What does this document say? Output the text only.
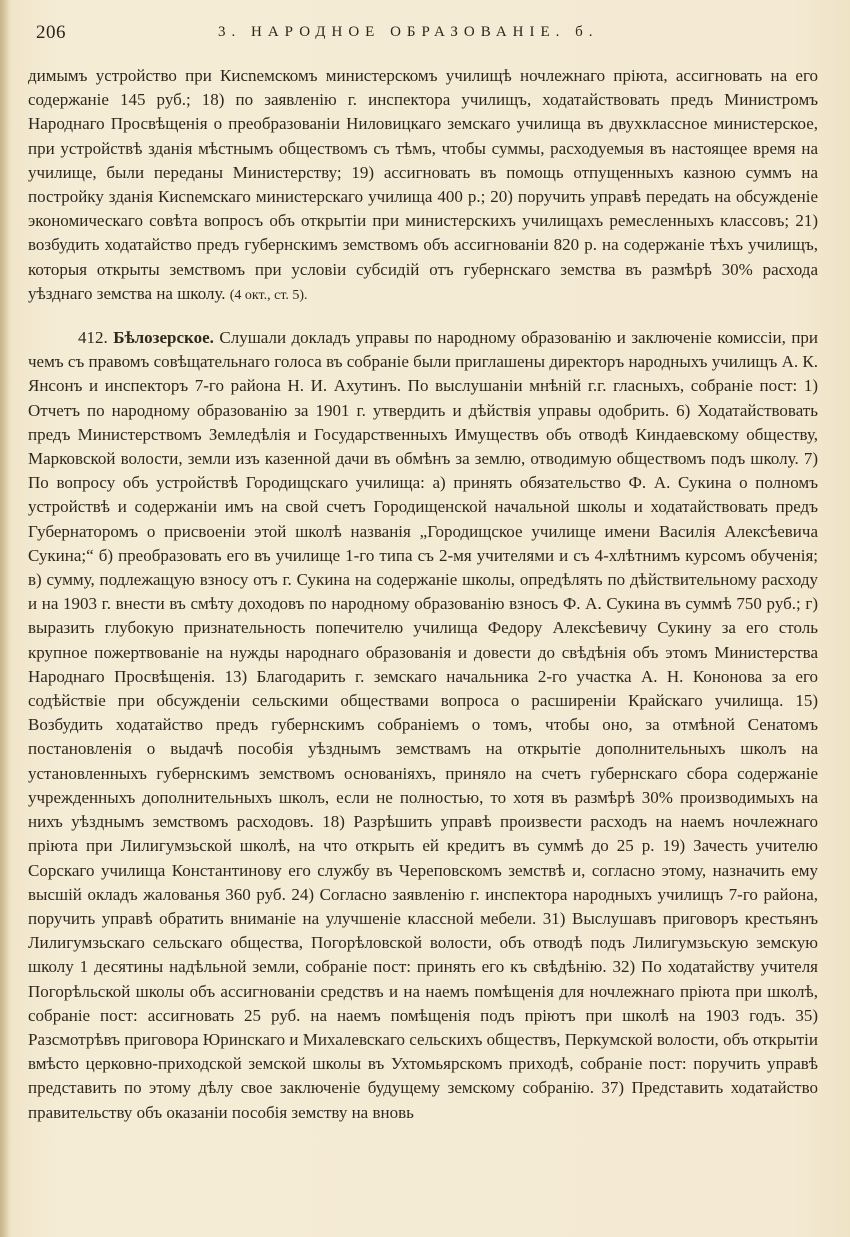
206	3. НАРОДНОЕ ОБРАЗОВАНІЕ. б.

димымъ устройство при Кисnемскомъ министерскомъ училищѣ ночлежнаго пріюта, ассигновать на его содержаніе 145 руб.; 18) по заявленію г. инспектора училищъ, ходатайствовать предъ Министромъ Народнаго Просвѣщенія о преобразованіи Ниловицкаго земскаго училища въ двухклассное министерское, при устройствѣ зданія мѣстнымъ обществомъ съ тѣмъ, чтобы суммы, расходуемыя въ настоящее время на училище, были переданы Министерству; 19) ассигновать въ помощь отпущенныхъ казною суммъ на постройку зданія Кисnемскаго министерскаго училища 400 р.; 20) поручить управѣ передать на обсужденіе экономическаго совѣта вопросъ объ открытіи при министерскихъ училищахъ ремесленныхъ классовъ; 21) возбудить ходатайство предъ губернскимъ земствомъ объ ассигнованіи 820 р. на содержаніе тѣхъ училищъ, которыя открыты земствомъ при условіи субсидій отъ губернскаго земства въ размѣрѣ 30% расхода уѣзднаго земства на школу. (4 окт., ст. 5).

412. Бѣлозерское. Слушали докладъ управы по народному образованію и заключеніе комиссіи, при чемъ съ правомъ совѣщательнаго голоса въ собраніе были приглашены директоръ народныхъ училищъ А. К. Янсонъ и инспекторъ 7-го района Н. И. Ахутинъ. По выслушаніи мнѣній г.г. гласныхъ, собраніе пост: 1) Отчетъ по народному образованію за 1901 г. утвердить и дѣйствія управы одобрить. 6) Ходатайствовать предъ Министерствомъ Земледѣлія и Государственныхъ Имуществъ объ отводѣ Киндаевскому обществу, Марковской волости, земли изъ казенной дачи въ обмѣнъ за землю, отводимую обществомъ подъ школу. 7) По вопросу объ устройствѣ Городищскаго училища: а) принять обязательство Ф. А. Сукина о полномъ устройствѣ и содержаніи имъ на свой счетъ Городищенской начальной школы и ходатайствовать предъ Губернаторомъ о присвоеніи этой школѣ названія „Городищское училище имени Василія Алексѣевича Сукина;“ б) преобразовать его въ училище 1-го типа съ 2-мя учителями и съ 4-хлѣтнимъ курсомъ обученія; в) сумму, подлежащую взносу отъ г. Сукина на содержаніе школы, опредѣлять по дѣйствительному расходу и на 1903 г. внести въ смѣту доходовъ по народному образованію взносъ Ф. А. Сукина въ суммѣ 750 руб.; г) выразить глубокую признательность попечителю училища Федору Алексѣевичу Сукину за его столь крупное пожертвованіе на нужды народнаго образованія и довести до свѣдѣнія объ этомъ Министерства Народнаго Просвѣщенія. 13) Благодарить г. земскаго начальника 2-го участка А. Н. Кононова за его содѣйствіе при обсужденіи сельскими обществами вопроса о расширеніи Крайскаго училища. 15) Возбудить ходатайство предъ губернскимъ собраніемъ о томъ, чтобы оно, за отмѣной Сенатомъ постановленія о выдачѣ пособія уѣзднымъ земствамъ на открытіе дополнительныхъ школъ на установленныхъ губернскимъ земствомъ основаніяхъ, приняло на счетъ губернскаго сбора содержаніе учрежденныхъ дополнительныхъ школъ, если не полностью, то хотя въ размѣрѣ 30% производимыхъ на нихъ уѣзднымъ земствомъ расходовъ. 18) Разрѣшить управѣ произвести расходъ на наемъ ночлежнаго пріюта при Лилигумзьской школѣ, на что открыть ей кредитъ въ суммѣ до 25 р. 19) Зачесть учителю Сорскаго училища Константинову его службу въ Череповскомъ земствѣ и, согласно этому, назначить ему высшій окладъ жалованья 360 руб. 24) Согласно заявленію г. инспектора народныхъ училищъ 7-го района, поручить управѣ обратить вниманіе на улучшеніе классной мебели. 31) Выслушавъ приговоръ крестьянъ Лилигумзьскаго сельскаго общества, Погорѣловской волости, объ отводѣ подъ Лилигумзьскую земскую школу 1 десятины надѣльной земли, собраніе пост: принять его къ свѣдѣнію. 32) По ходатайству учителя Погорѣльской школы объ ассигнованіи средствъ и на наемъ помѣщенія для ночлежнаго пріюта при школѣ, собраніе пост: ассигновать 25 руб. на наемъ помѣщенія подъ пріютъ при школѣ на 1903 годъ. 35) Разсмотрѣвъ приговора Юринскаго и Михалевскаго сельскихъ обществъ, Перкумской волости, объ открытіи вмѣсто церковно-приходской земской школы въ Ухтомьярскомъ приходѣ, собраніе пост: поручить управѣ представить по этому дѣлу свое заключеніе будущему земскому собранію. 37) Представить ходатайство правительству объ оказаніи пособія земству на вновь
